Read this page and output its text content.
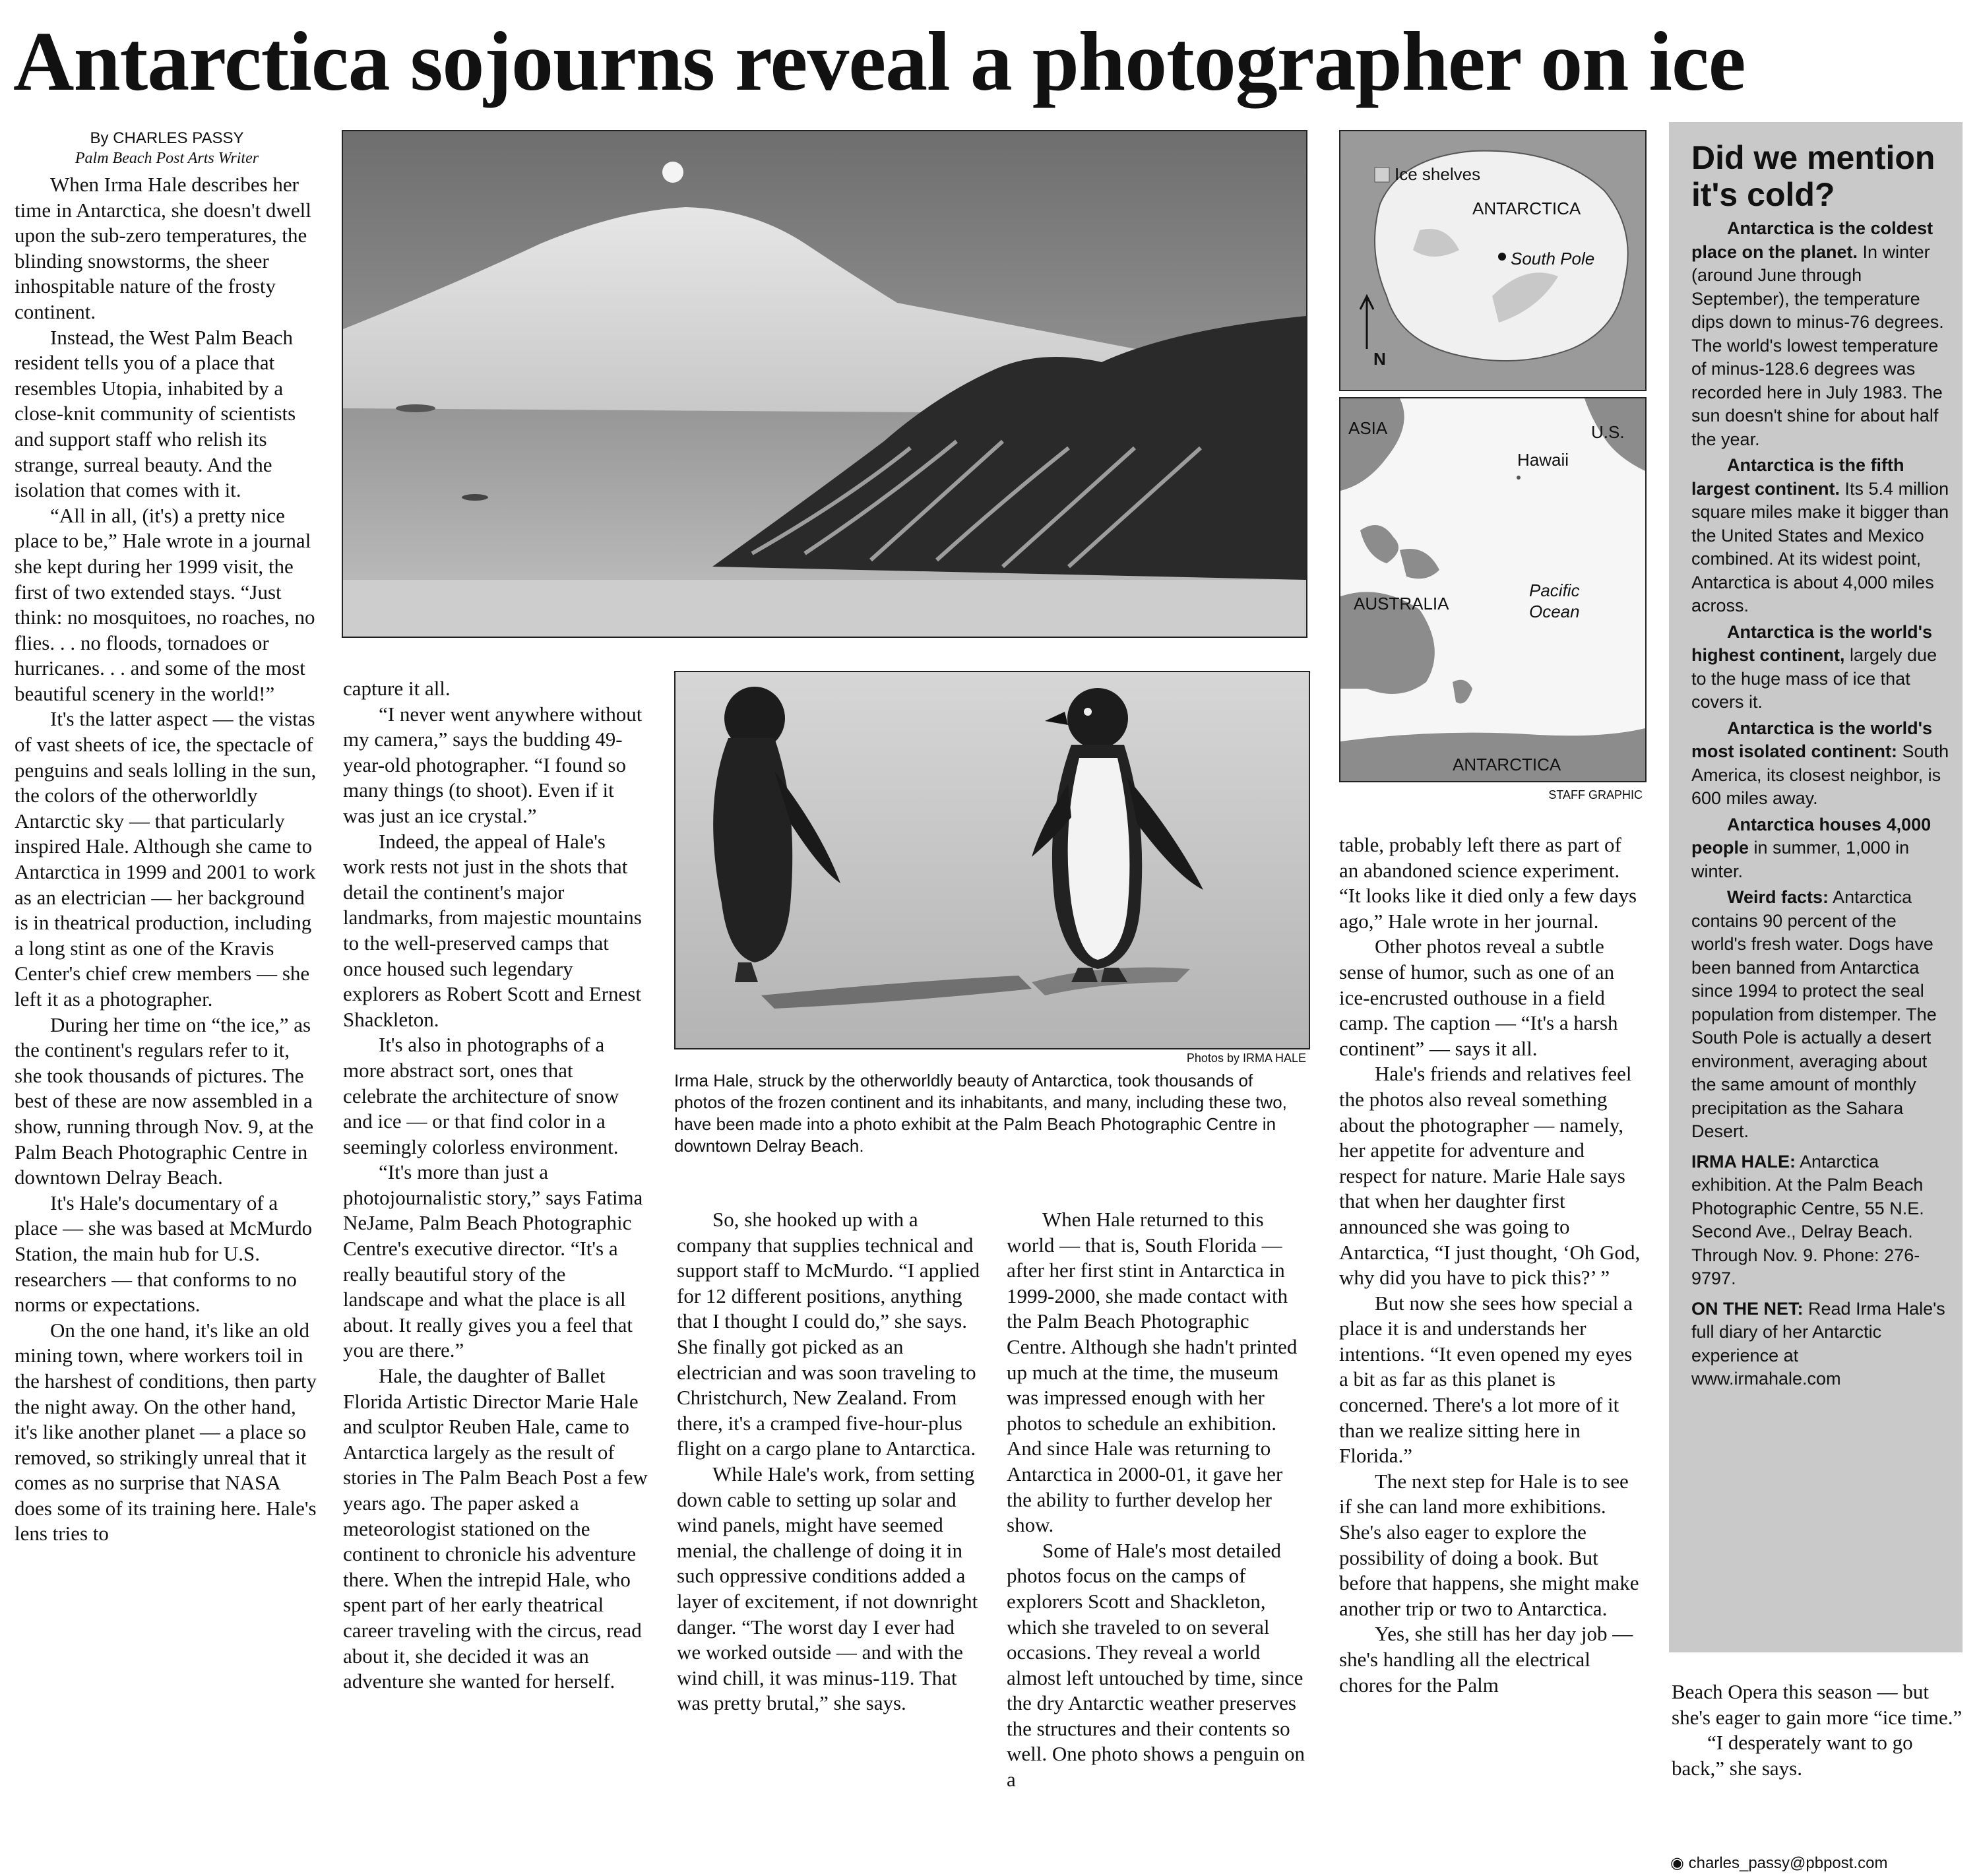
Antarctica sojourns reveal a photographer on ice
By CHARLES PASSY
Palm Beach Post Arts Writer

When Irma Hale describes her time in Antarctica, she doesn't dwell upon the sub-zero temperatures, the blinding snowstorms, the sheer inhospitable nature of the frosty continent.

Instead, the West Palm Beach resident tells you of a place that resembles Utopia, inhabited by a close-knit community of scientists and support staff who relish its strange, surreal beauty. And the isolation that comes with it.

“All in all, (it's) a pretty nice place to be,” Hale wrote in a journal she kept during her 1999 visit, the first of two extended stays. “Just think: no mosquitoes, no roaches, no flies. . . no floods, tornadoes or hurricanes. . . and some of the most beautiful scenery in the world!”

It's the latter aspect — the vistas of vast sheets of ice, the spectacle of penguins and seals lolling in the sun, the colors of the otherworldly Antarctic sky — that particularly inspired Hale. Although she came to Antarctica in 1999 and 2001 to work as an electrician — her background is in theatrical production, including a long stint as one of the Kravis Center's chief crew members — she left it as a photographer.

During her time on “the ice,” as the continent's regulars refer to it, she took thousands of pictures. The best of these are now assembled in a show, running through Nov. 9, at the Palm Beach Photographic Centre in downtown Delray Beach.

It's Hale's documentary of a place — she was based at McMurdo Station, the main hub for U.S. researchers — that conforms to no norms or expectations.

On the one hand, it's like an old mining town, where workers toil in the harshest of conditions, then party the night away. On the other hand, it's like another planet — a place so removed, so strikingly unreal that it comes as no surprise that NASA does some of its training here. Hale's lens tries to

capture it all.

“I never went anywhere without my camera,” says the budding 49-year-old photographer. “I found so many things (to shoot). Even if it was just an ice crystal.”

Indeed, the appeal of Hale's work rests not just in the shots that detail the continent's major landmarks, from majestic mountains to the well-preserved camps that once housed such legendary explorers as Robert Scott and Ernest Shackleton.

It's also in photographs of a more abstract sort, ones that celebrate the architecture of snow and ice — or that find color in a seemingly colorless environment.

“It's more than just a photojournalistic story,” says Fatima NeJame, Palm Beach Photographic Centre's executive director. “It's a really beautiful story of the landscape and what the place is all about. It really gives you a feel that you are there.”

Hale, the daughter of Ballet Florida Artistic Director Marie Hale and sculptor Reuben Hale, came to Antarctica largely as the result of stories in The Palm Beach Post a few years ago. The paper asked a meteorologist stationed on the continent to chronicle his adventure there. When the intrepid Hale, who spent part of her early theatrical career traveling with the circus, read about it, she decided it was an adventure she wanted for herself.

Photos by IRMA HALE
Irma Hale, struck by the otherworldly beauty of Antarctica, took thousands of photos of the frozen continent and its inhabitants, and many, including these two, have been made into a photo exhibit at the Palm Beach Photographic Centre in downtown Delray Beach.

So, she hooked up with a company that supplies technical and support staff to McMurdo. “I applied for 12 different positions, anything that I thought I could do,” she says. She finally got picked as an electrician and was soon traveling to Christchurch, New Zealand. From there, it's a cramped five-hour-plus flight on a cargo plane to Antarctica.

While Hale's work, from setting down cable to setting up solar and wind panels, might have seemed menial, the challenge of doing it in such oppressive conditions added a layer of excitement, if not downright danger. “The worst day I ever had we worked outside — and with the wind chill, it was minus-119. That was pretty brutal,” she says.

When Hale returned to this world — that is, South Florida — after her first stint in Antarctica in 1999-2000, she made contact with the Palm Beach Photographic Centre. Although she hadn't printed up much at the time, the museum was impressed enough with her photos to schedule an exhibition. And since Hale was returning to Antarctica in 2000-01, it gave her the ability to further develop her show.

Some of Hale's most detailed photos focus on the camps of explorers Scott and Shackleton, which she traveled to on several occasions. They reveal a world almost left untouched by time, since the dry Antarctic weather preserves the structures and their contents so well. One photo shows a penguin on a

Ice shelves
ANTARCTICA
South Pole
N
ASIA	U.S.
Hawaii
AUSTRALIA
Pacific
Ocean
ANTARCTICA
STAFF GRAPHIC

table, probably left there as part of an abandoned science experiment. “It looks like it died only a few days ago,” Hale wrote in her journal.

Other photos reveal a subtle sense of humor, such as one of an ice-encrusted outhouse in a field camp. The caption — “It's a harsh continent” — says it all.

Hale's friends and relatives feel the photos also reveal something about the photographer — namely, her appetite for adventure and respect for nature. Marie Hale says that when her daughter first announced she was going to Antarctica, “I just thought, ‘Oh God, why did you have to pick this?’ ”

But now she sees how special a place it is and understands her intentions. “It even opened my eyes a bit as far as this planet is concerned. There's a lot more of it than we realize sitting here in Florida.”

The next step for Hale is to see if she can land more exhibitions. She's also eager to explore the possibility of doing a book. But before that happens, she might make another trip or two to Antarctica.

Yes, she still has her day job — she's handling all the electrical chores for the Palm

Did we mention it's cold?

Antarctica is the coldest place on the planet. In winter (around June through September), the temperature dips down to minus-76 degrees. The world's lowest temperature of minus-128.6 degrees was recorded here in July 1983. The sun doesn't shine for about half the year.

Antarctica is the fifth largest continent. Its 5.4 million square miles make it bigger than the United States and Mexico combined. At its widest point, Antarctica is about 4,000 miles across.

Antarctica is the world's highest continent, largely due to the huge mass of ice that covers it.

Antarctica is the world's most isolated continent: South America, its closest neighbor, is 600 miles away.

Antarctica houses 4,000 people in summer, 1,000 in winter.

Weird facts: Antarctica contains 90 percent of the world's fresh water. Dogs have been banned from Antarctica since 1994 to protect the seal population from distemper. The South Pole is actually a desert environment, averaging about the same amount of monthly precipitation as the Sahara Desert.

IRMA HALE: Antarctica exhibition. At the Palm Beach Photographic Centre, 55 N.E. Second Ave., Delray Beach. Through Nov. 9. Phone: 276-9797.

ON THE NET: Read Irma Hale's full diary of her Antarctic experience at www.irmahale.com

Beach Opera this season — but she's eager to gain more “ice time.”

“I desperately want to go back,” she says.

◉ charles_passy@pbpost.com
